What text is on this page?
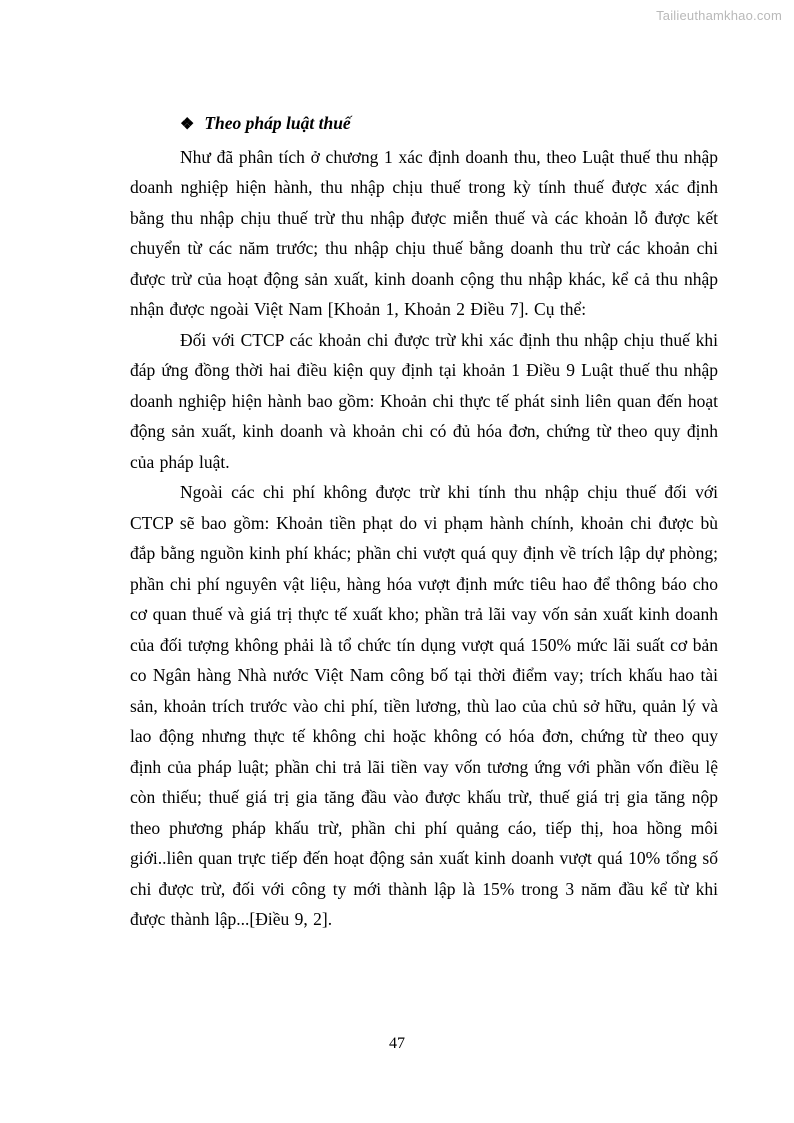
Tailieuthamkhao.com
❖ Theo pháp luật thuế

Như đã phân tích ở chương 1 xác định doanh thu, theo Luật thuế thu nhập doanh nghiệp hiện hành, thu nhập chịu thuế trong kỳ tính thuế được xác định bằng thu nhập chịu thuế trừ thu nhập được miễn thuế và các khoản lỗ được kết chuyển từ các năm trước; thu nhập chịu thuế bằng doanh thu trừ các khoản chi được trừ của hoạt động sản xuất, kinh doanh cộng thu nhập khác, kể cả thu nhập nhận được ngoài Việt Nam [Khoản 1, Khoản 2 Điều 7]. Cụ thể:

Đối với CTCP các khoản chi được trừ khi xác định thu nhập chịu thuế khi đáp ứng đồng thời hai điều kiện quy định tại khoản 1 Điều 9 Luật thuế thu nhập doanh nghiệp hiện hành bao gồm: Khoản chi thực tế phát sinh liên quan đến hoạt động sản xuất, kinh doanh và khoản chi có đủ hóa đơn, chứng từ theo quy định của pháp luật.

Ngoài các chi phí không được trừ khi tính thu nhập chịu thuế đối với CTCP sẽ bao gồm: Khoản tiền phạt do vi phạm hành chính, khoản chi được bù đắp bằng nguồn kinh phí khác; phần chi vượt quá quy định về trích lập dự phòng; phần chi phí nguyên vật liệu, hàng hóa vượt định mức tiêu hao để thông báo cho cơ quan thuế và giá trị thực tế xuất kho; phần trả lãi vay vốn sản xuất kinh doanh của đối tượng không phải là tổ chức tín dụng vượt quá 150% mức lãi suất cơ bản co Ngân hàng Nhà nước Việt Nam công bố tại thời điểm vay; trích khấu hao tài sản, khoản trích trước vào chi phí, tiền lương, thù lao của chủ sở hữu, quản lý và lao động nhưng thực tế không chi hoặc không có hóa đơn, chứng từ theo quy định của pháp luật; phần chi trả lãi tiền vay vốn tương ứng với phần vốn điều lệ còn thiếu; thuế giá trị gia tăng đầu vào được khấu trừ, thuế giá trị gia tăng nộp theo phương pháp khấu trừ, phần chi phí quảng cáo, tiếp thị, hoa hồng môi giới..liên quan trực tiếp đến hoạt động sản xuất kinh doanh vượt quá 10% tổng số chi được trừ, đối với công ty mới thành lập là 15% trong 3 năm đầu kể từ khi được thành lập...[Điều 9, 2].

47
